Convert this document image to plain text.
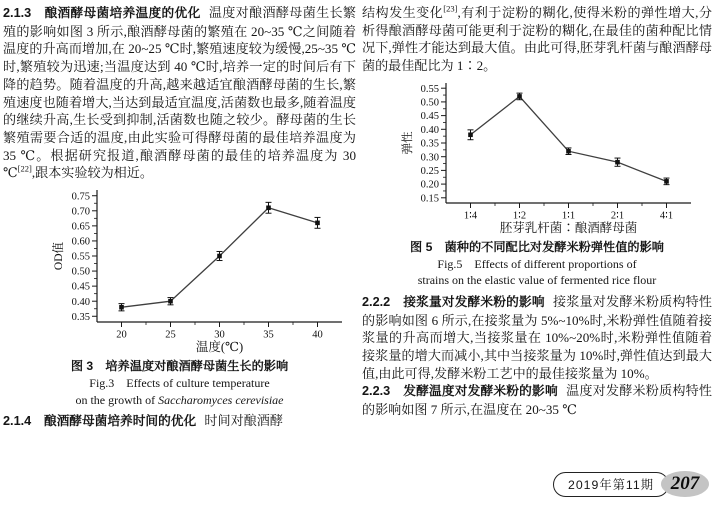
2.1.3　酿酒酵母菌培养温度的优化 温度对酿酒酵母菌生长繁殖的影响如图 3 所示,酿酒酵母菌的繁殖在 20~35 ℃之间随着温度的升高而增加,在 20~25 ℃时,繁殖速度较为缓慢,25~35 ℃时,繁殖较为迅速;当温度达到 40 ℃时,培养一定的时间后有下降的趋势。随着温度的升高,越来越适宜酿酒酵母菌的生长,繁殖速度也随着增大,当达到最适宜温度,活菌数也最多,随着温度的继续升高,生长受到抑制,活菌数也随之较少。酵母菌的生长繁殖需要合适的温度,由此实验可得酵母菌的最佳培养温度为 35 ℃。根据研究报道,酿酒酵母菌的最佳的培养温度为 30 ℃[22],跟本实验较为相近。

0.35
0.40
0.45
0.50
0.55
0.60
0.65
0.70
0.75
20	25	30	35	40
温度(℃)
OD值
图 3　培养温度对酿酒酵母菌生长的影响
Fig.3　Effects of culture temperature
on the growth of Saccharomyces cerevisiae

2.1.4　酿酒酵母菌培养时间的优化 时间对酿酒酵

结构发生变化[23],有利于淀粉的糊化,使得米粉的弹性增大,分析得酿酒酵母菌可能更利于淀粉的糊化,在最佳的菌种配比情况下,弹性才能达到最大值。由此可得,胚芽乳杆菌与酿酒酵母菌的最佳配比为 1∶2。

0.15
0.20
0.25
0.30
0.35
0.40
0.45
0.50
0.55
1∶4	1∶2	1∶1	2∶1	4∶1
胚芽乳杆菌∶酿酒酵母菌
弹性
图 5　菌种的不同配比对发酵米粉弹性值的影响
Fig.5　Effects of different proportions of
strains on the elastic value of fermented rice flour

2.2.2　接浆量对发酵米粉的影响 接浆量对发酵米粉质构特性的影响如图 6 所示,在接浆量为 5%~10%时,米粉弹性值随着接浆量的升高而增大,当接浆量在 10%~20%时,米粉弹性值随着接浆量的增大而减小,其中当接浆量为 10%时,弹性值达到最大值,由此可得,发酵米粉工艺中的最佳接浆量为 10%。

2.2.3　发酵温度对发酵米粉的影响 温度对发酵米粉质构特性的影响如图 7 所示,在温度在 20~35 ℃

2019年第11期 207
